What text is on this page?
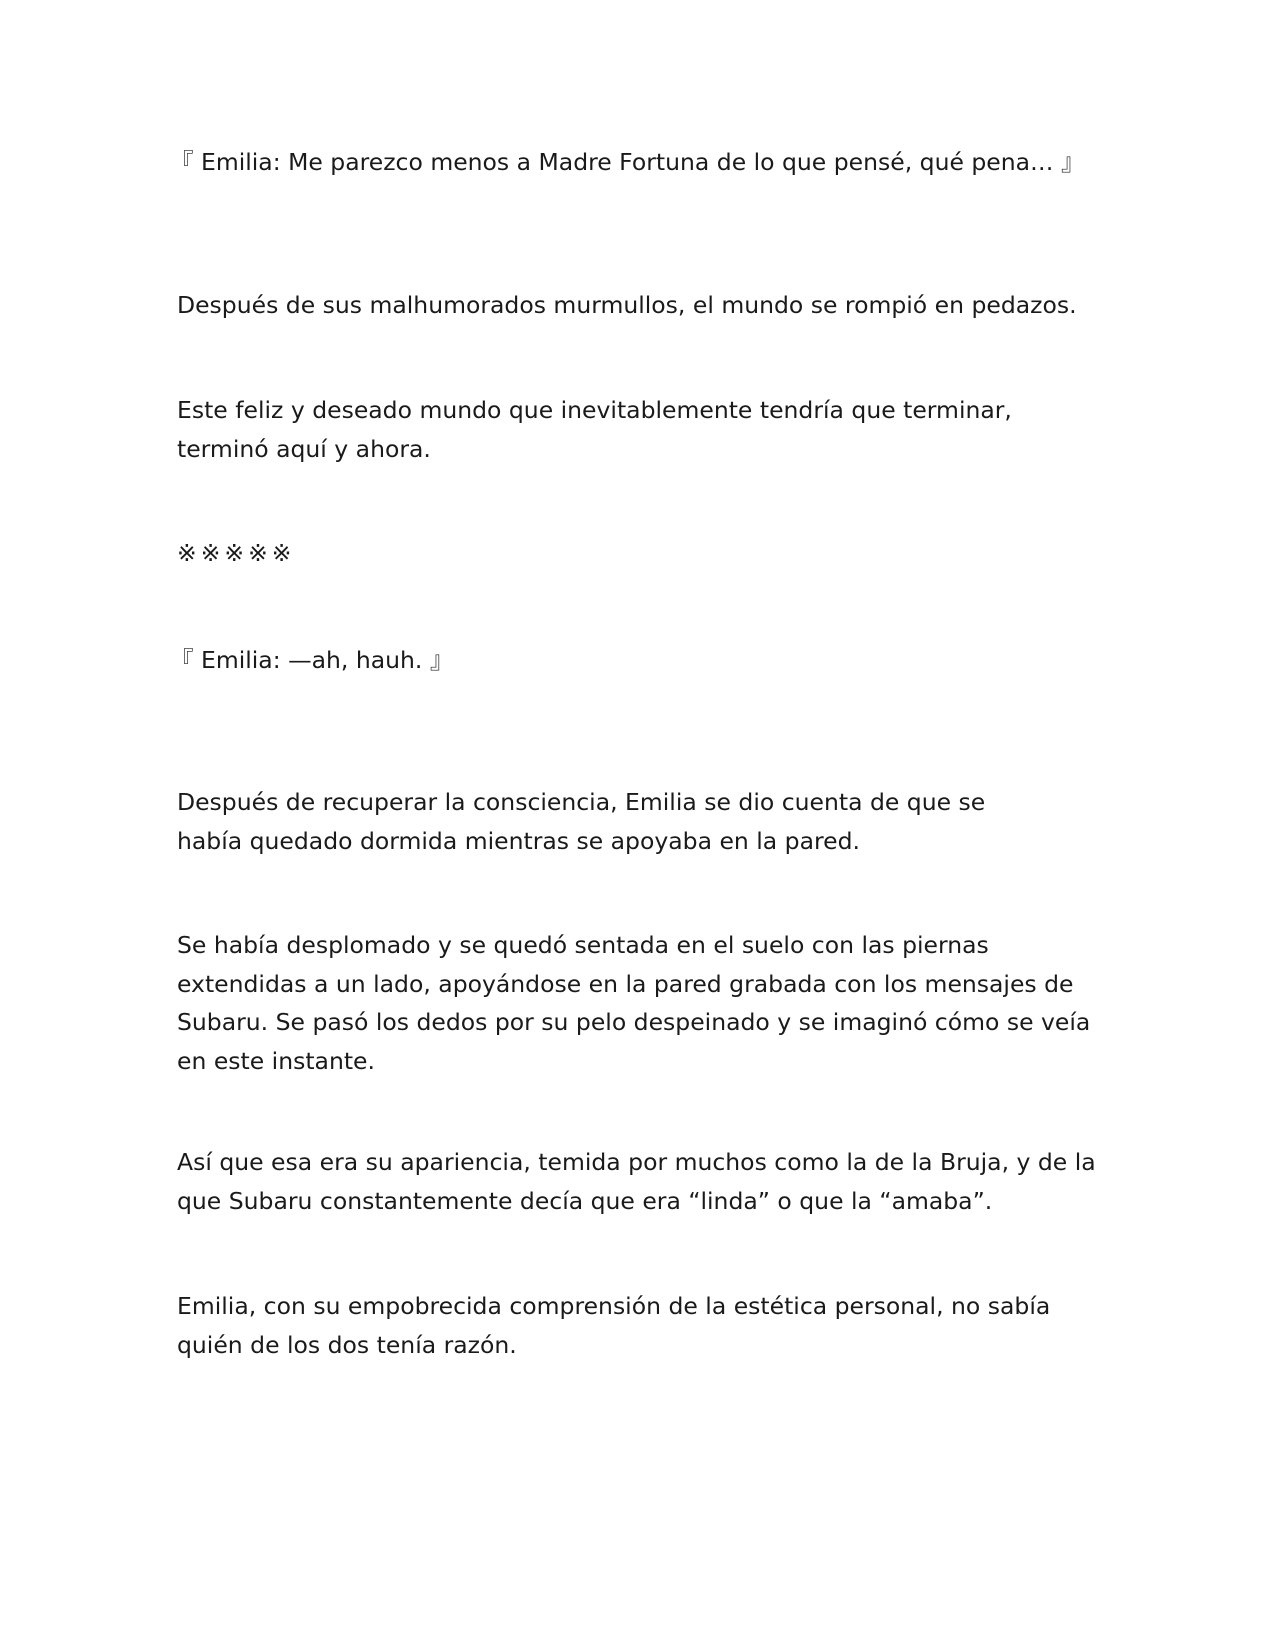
『 Emilia: Me parezco menos a Madre Fortuna de lo que pensé, qué pena… 』

Después de sus malhumorados murmullos, el mundo se rompió en pedazos.

Este feliz y deseado mundo que inevitablemente tendría que terminar, terminó aquí y ahora.

※※※※※

『 Emilia: —ah, hauh. 』

Después de recuperar la consciencia, Emilia se dio cuenta de que se había quedado dormida mientras se apoyaba en la pared.

Se había desplomado y se quedó sentada en el suelo con las piernas extendidas a un lado, apoyándose en la pared grabada con los mensajes de Subaru. Se pasó los dedos por su pelo despeinado y se imaginó cómo se veía en este instante.

Así que esa era su apariencia, temida por muchos como la de la Bruja, y de la que Subaru constantemente decía que era “linda” o que la “amaba”.

Emilia, con su empobrecida comprensión de la estética personal, no sabía quién de los dos tenía razón.
